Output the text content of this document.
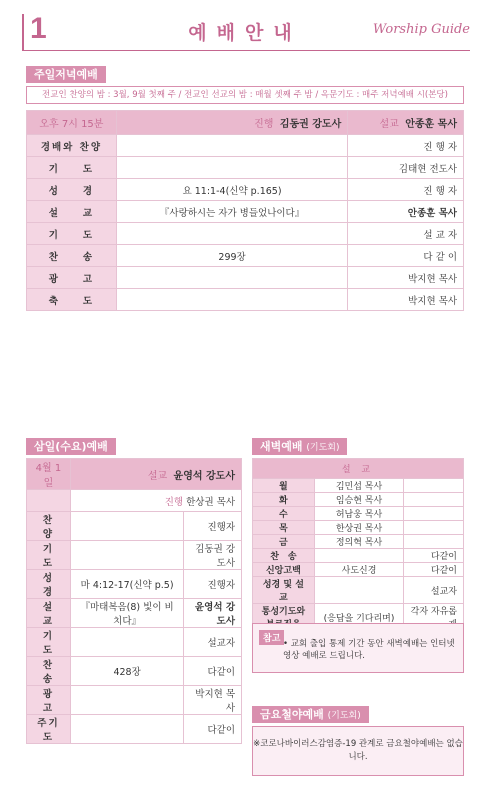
1	예배안내	Worship Guide
주일저녁예배
전교인 찬양의 밤 : 3월, 9월 첫째 주 / 전교인 선교의 밤 : 매월 셋째 주 밤 / 옥문기도 : 매주 저녁예배 시(본당)
오후 7시 15분	진행 김동권 강도사	설교 안종훈 목사
경배와 찬양		진 행 자
기　　도		김태현 전도사
성　　경	요 11:1-4(신약 p.165)	진 행 자
설　　교	『사랑하시는 자가 병들었나이다』	안종훈 목사
기　　도		설 교 자
찬　　송	299장	다 같 이
광　　고		박지현 목사
축　　도		박지현 목사
삼일(수요)예배
4월 1일	설교 윤영석 강도사	
	진행 한상권 목사	
찬　양		진행자
기　도		김동권 강도사
성　경	마 4:12-17(신약 p.5)	진행자
설　교	『마태복음(8) 빛이 비치다』	윤영석 강도사
기　도		설교자
찬　송	428장	다같이
광　고		박지현 목사
주기도		다같이
새벽예배 (기도회)
설 교		
월	김민섭 목사	
화	임승현 목사	
수	허남웅 목사	
목	한상권 목사	
금	정의혁 목사	
찬　송		다같이
신앙고백	사도신경	다같이
성경 및 설교		설교자
통성기도와	(응답을 기다리며)	각자 자유롭
참고 • 교회 출입 통제 기간 동안 새벽예배는 인터넷 영상 예배로 드립니다.
금요철야예배 (기도회)
※코로나바이러스감염증-19 관계로 금요철야예배는 없습니다.
